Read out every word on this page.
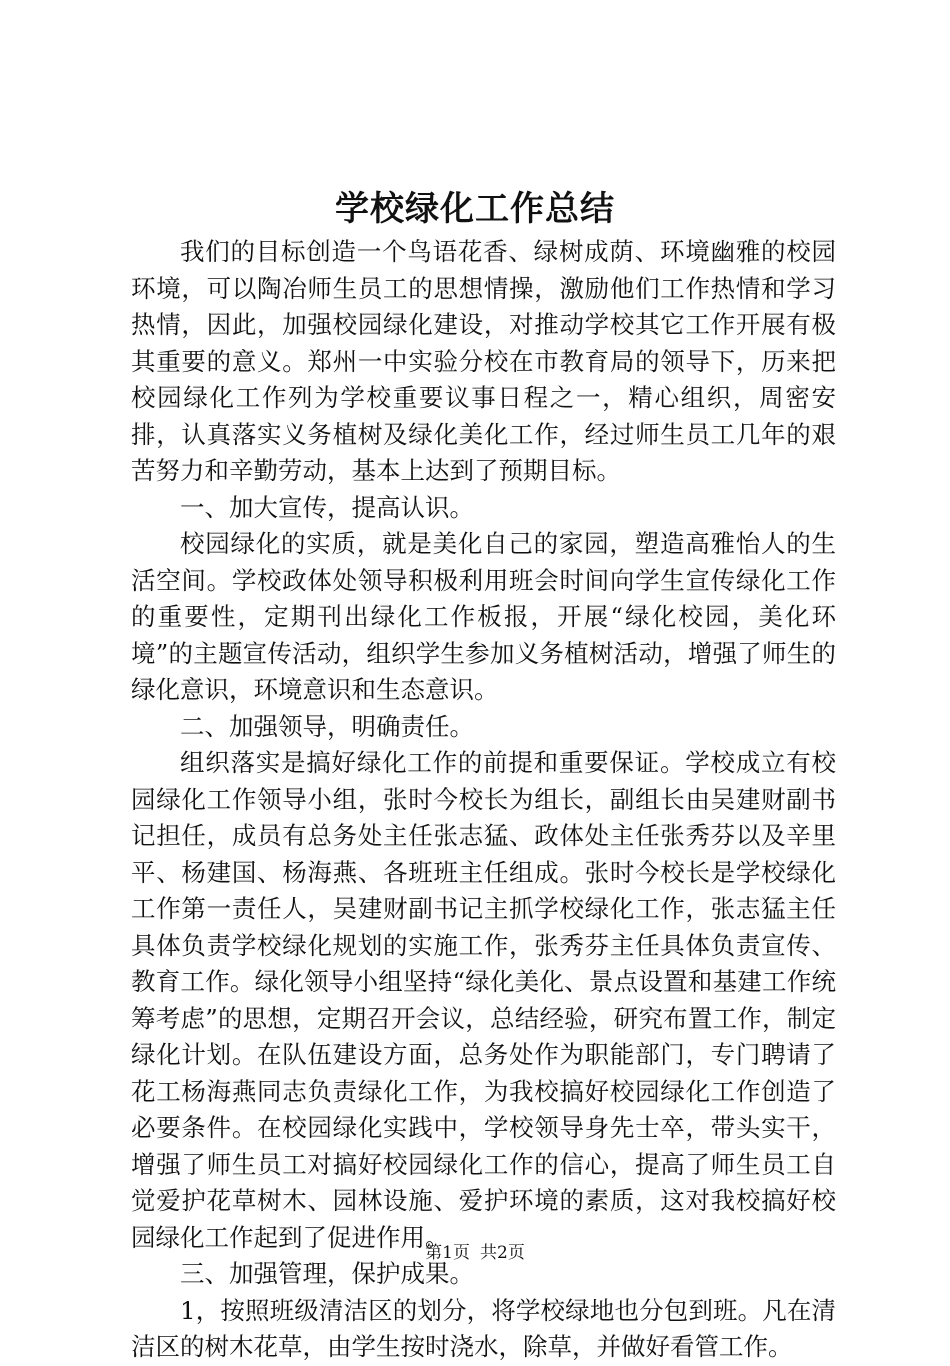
学校绿化工作总结

我们的目标创造一个鸟语花香、绿树成荫、环境幽雅的校园环境，可以陶冶师生员工的思想情操，激励他们工作热情和学习热情，因此，加强校园绿化建设，对推动学校其它工作开展有极其重要的意义。郑州一中实验分校在市教育局的领导下，历来把校园绿化工作列为学校重要议事日程之一，精心组织，周密安排，认真落实义务植树及绿化美化工作，经过师生员工几年的艰苦努力和辛勤劳动，基本上达到了预期目标。

一、加大宣传，提高认识。

校园绿化的实质，就是美化自己的家园，塑造高雅怡人的生活空间。学校政体处领导积极利用班会时间向学生宣传绿化工作的重要性，定期刊出绿化工作板报，开展“绿化校园，美化环境”的主题宣传活动，组织学生参加义务植树活动，增强了师生的绿化意识，环境意识和生态意识。

二、加强领导，明确责任。

组织落实是搞好绿化工作的前提和重要保证。学校成立有校园绿化工作领导小组，张时今校长为组长，副组长由吴建财副书记担任，成员有总务处主任张志猛、政体处主任张秀芬以及辛里平、杨建国、杨海燕、各班班主任组成。张时今校长是学校绿化工作第一责任人，吴建财副书记主抓学校绿化工作，张志猛主任具体负责学校绿化规划的实施工作，张秀芬主任具体负责宣传、教育工作。绿化领导小组坚持“绿化美化、景点设置和基建工作统筹考虑”的思想，定期召开会议，总结经验，研究布置工作，制定绿化计划。在队伍建设方面，总务处作为职能部门，专门聘请了花工杨海燕同志负责绿化工作，为我校搞好校园绿化工作创造了必要条件。在校园绿化实践中，学校领导身先士卒，带头实干，增强了师生员工对搞好校园绿化工作的信心，提高了师生员工自觉爱护花草树木、园林设施、爱护环境的素质，这对我校搞好校园绿化工作起到了促进作用。

三、加强管理，保护成果。

1，按照班级清洁区的划分，将学校绿地也分包到班。凡在清洁区的树木花草，由学生按时浇水，除草，并做好看管工作。

第1页 共2页
